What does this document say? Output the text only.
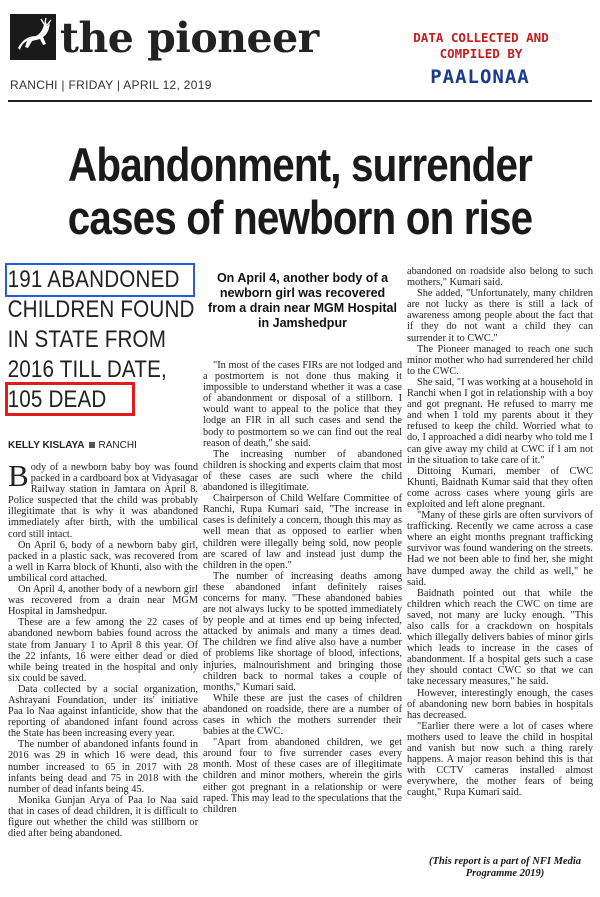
the pioneer
RANCHI | FRIDAY | APRIL 12, 2019
DATA COLLECTED AND
COMPILED BY
PAALONAA
Abandonment, surrender
cases of newborn on rise
191 ABANDONED
CHILDREN FOUND
IN STATE FROM
2016 TILL DATE,
105 DEAD
KELLY KISLAYA RANCHI

Body of a newborn baby boy was found packed in a cardboard box at Vidyasagar Railway station in Jamtara on April 8. Police suspected that the child was probably illegitimate that is why it was abandoned immediately after birth, with the umbilical cord still intact.

On April 6, body of a newborn baby girl, packed in a plastic sack, was recovered from a well in Karra block of Khunti, also with the umbilical cord attached.

On April 4, another body of a newborn girl was recovered from a drain near MGM Hospital in Jamshedpur.

These are a few among the 22 cases of abandoned newborn babies found across the state from January 1 to April 8 this year. Of the 22 infants, 16 were either dead or died while being treated in the hospital and only six could be saved.

Data collected by a social organization, Ashrayani Foundation, under its' initiative Paa lo Naa against infanticide, show that the reporting of abandoned infant found across the State has been increasing every year.

The number of abandoned infants found in 2016 was 29 in which 16 were dead, this number increased to 65 in 2017 with 28 infants being dead and 75 in 2018 with the number of dead infants being 45.

Monika Gunjan Arya of Paa lo Naa said that in cases of dead children, it is difficult to figure out whether the child was stillborn or died after being abandoned.

On April 4, another body of a newborn girl was recovered from a drain near MGM Hospital in Jamshedpur

"In most of the cases FIRs are not lodged and a postmortem is not done thus making it impossible to understand whether it was a case of abandonment or disposal of a stillborn. I would want to appeal to the police that they lodge an FIR in all such cases and send the body to postmortem so we can find out the real reason of death," she said.

The increasing number of abandoned children is shocking and experts claim that most of these cases are such where the child abandoned is illegitimate.

Chairperson of Child Welfare Committee of Ranchi, Rupa Kumari said, "The increase in cases is definitely a concern, though this may as well mean that as opposed to earlier when children were illegally being sold, now people are scared of law and instead just dump the children in the open."

The number of increasing deaths among these abandoned infant definitely raises concerns for many. "These abandoned babies are not always lucky to be spotted immediately by people and at times end up being infected, attacked by animals and many a times dead. The children we find alive also have a number of problems like shortage of blood, infections, injuries, malnourishment and bringing those children back to normal takes a couple of months," Kumari said.

While these are just the cases of children abandoned on roadside, there are a number of cases in which the mothers surrender their babies at the CWC.

"Apart from abandoned children, we get around four to five surrender cases every month. Most of these cases are of illegitimate children and minor mothers, wherein the girls either got pregnant in a relationship or were raped. This may lead to the speculations that the children

abandoned on roadside also belong to such mothers," Kumari said.

She added, "Unfortunately, many children are not lucky as there is still a lack of awareness among people about the fact that if they do not want a child they can surrender it to CWC."

The Pioneer managed to reach one such minor mother who had surrendered her child to the CWC.

She said, "I was working at a household in Ranchi when I got in relationship with a boy and got pregnant. He refused to marry me and when I told my parents about it they refused to keep the child. Worried what to do, I approached a didi nearby who told me I can give away my child at CWC if I am not in the situation to take care of it."

Dittoing Kumari, member of CWC Khunti, Baidnath Kumar said that they often come across cases where young girls are exploited and left alone pregnant.

"Many of these girls are often survivors of trafficking. Recently we came across a case where an eight months pregnant trafficking survivor was found wandering on the streets. Had we not been able to find her, she might have dumped away the child as well," he said.

Baidnath pointed out that while the children which reach the CWC on time are saved, not many are lucky enough. "This also calls for a crackdown on hospitals which illegally delivers babies of minor girls which leads to increase in the cases of abandonment. If a hospital gets such a case they should contact CWC so that we can take necessary measures," he said.

However, interestingly enough, the cases of abandoning new born babies in hospitals has decreased.

"Earlier there were a lot of cases where mothers used to leave the child in hospital and vanish but now such a thing rarely happens. A major reason behind this is that with CCTV cameras installed almost everywhere, the mother fears of being caught," Rupa Kumari said.

(This report is a part of NFI Media Programme 2019)
